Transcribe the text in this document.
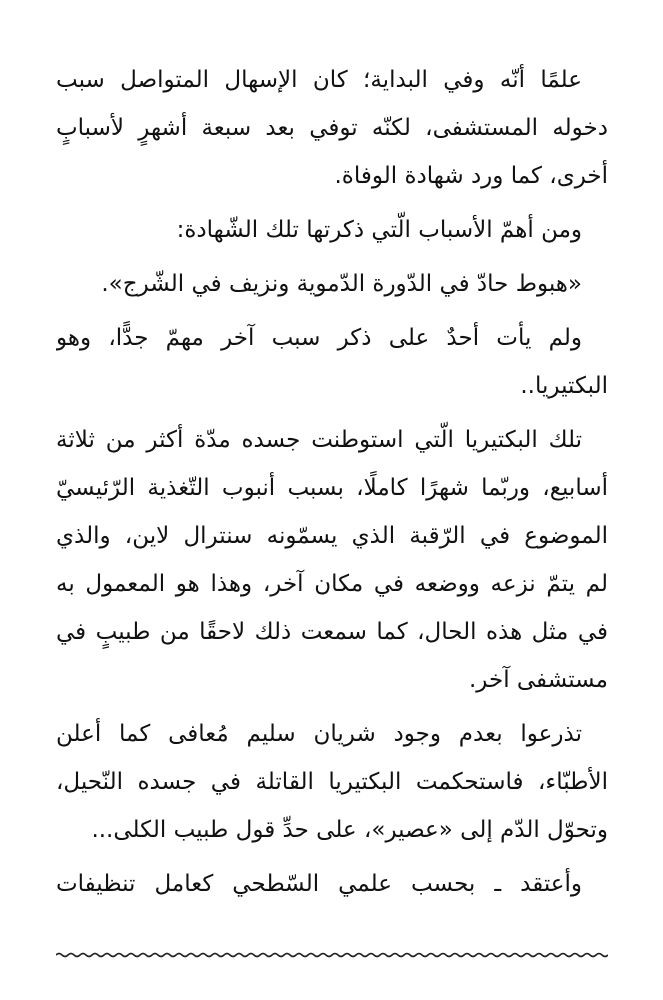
علمًا أنّه وفي البداية؛ كان الإسهال المتواصل سبب
دخوله المستشفى، لكنّه توفي بعد سبعة أشهرٍ لأسبابٍ
أخرى، كما ورد شهادة الوفاة.
ومن أهمّ الأسباب الّتي ذكرتها تلك الشّهادة:
«هبوط حادّ في الدّورة الدّموية ونزيف في الشّرج».
ولم يأت أحدٌ على ذكر سبب آخر مهمّ جدًّا، وهو
البكتيريا..
تلك البكتيريا الّتي استوطنت جسده مدّة أكثر من ثلاثة
أسابيع، وربّما شهرًا كاملًا، بسبب أنبوب التّغذية الرّئيسيّ
الموضوع في الرّقبة الذي يسمّونه سنترال لاين، والذي
لم يتمّ نزعه ووضعه في مكان آخر، وهذا هو المعمول به
في مثل هذه الحال، كما سمعت ذلك لاحقًا من طبيبٍ في
مستشفى آخر.
تذرعوا بعدم وجود شريان سليم مُعافى كما أعلن
الأطبّاء، فاستحكمت البكتيريا القاتلة في جسده النّحيل،
وتحوّل الدّم إلى «عصير»، على حدِّ قول طبيب الكلى...
وأعتقد ـ بحسب علمي السّطحي كعامل تنظيفات
